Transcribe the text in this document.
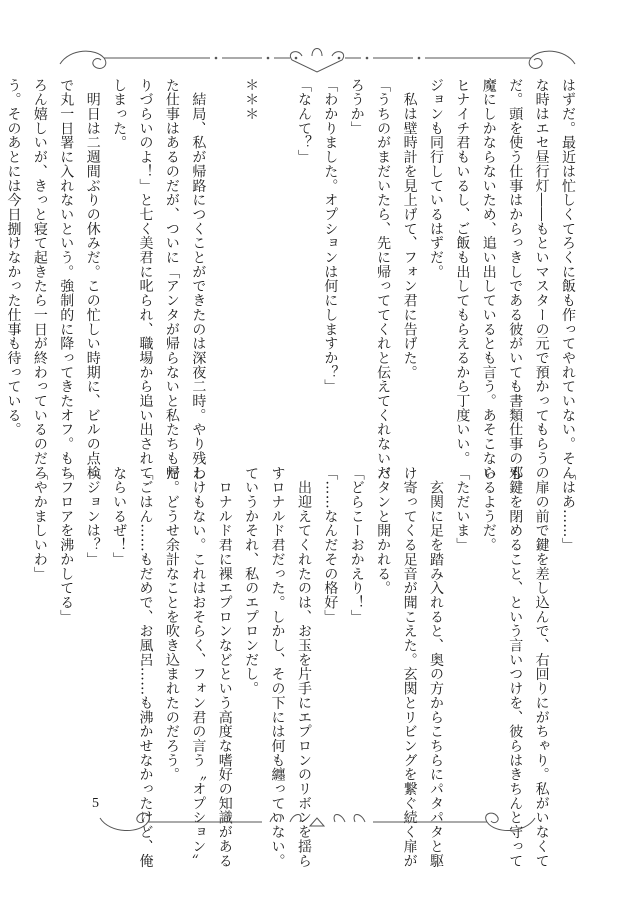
はずだ。最近は忙しくてろくに飯も作ってやれていない。そん
な時はエセ昼行灯――もといマスターの元で預かってもらうの
だ。頭を使う仕事はからっきしである彼がいても書類仕事の邪
魔にしかならないため、追い出しているとも言う。あそこなら
ヒナイチ君もいるし、ご飯も出してもらえるから丁度いい。
ジョンも同行しているはずだ。
　私は壁時計を見上げて、フォン君に告げた。
「うちのがまだいたら、先に帰っててくれと伝えてくれないだ
ろうか」
「わかりました。オプションは何にしますか？」
「なんて？」

＊＊＊

　結局、私が帰路につくことができたのは深夜二時。やり残し
た仕事はあるのだが、ついに「アンタが帰らないと私たちも帰
りづらいのよ！」と七く美君に叱られ、職場から追い出されて
しまった。
　明日は二週間ぶりの休みだ。この忙しい時期に、ビルの点検
で丸一日署に入れないという。強制的に降ってきたオフ。もち
ろん嬉しいが、きっと寝て起きたら一日が終わっているのだろ
う。そのあとには今日捌けなかった仕事も待っている。
「はあ……」
　扉の前で鍵を差し込んで、右回りにがちゃり。私がいなくて
も鍵を閉めること、という言いつけを、彼らはきちんと守って
いるようだ。
「ただいま」
　玄関に足を踏み入れると、奥の方からこちらにパタパタと駆
け寄ってくる足音が聞こえた。玄関とリビングを繋ぐ続く扉が
パタンと開かれる。
「どらこーおかえり！」
「……なんだその格好」
　出迎えてくれたのは、お玉を片手にエプロンのリボンを揺ら
すロナルド君だった。しかし、その下には何も纏っていない。
ていうかそれ、私のエプロンだし。
　ロナルド君に裸エプロンなどという高度な嗜好の知識がある
わけもない。これはおそらく、フォン君の言う〝オプション〟
だ。どうせ余計なことを吹き込まれたのだろう。
「ごはん……もだめで、お風呂……も沸かせなかったけど、俺
ならいるぜ！」
「ジョンは？」
「フロアを沸かしてる」
「やかましいわ」
5
